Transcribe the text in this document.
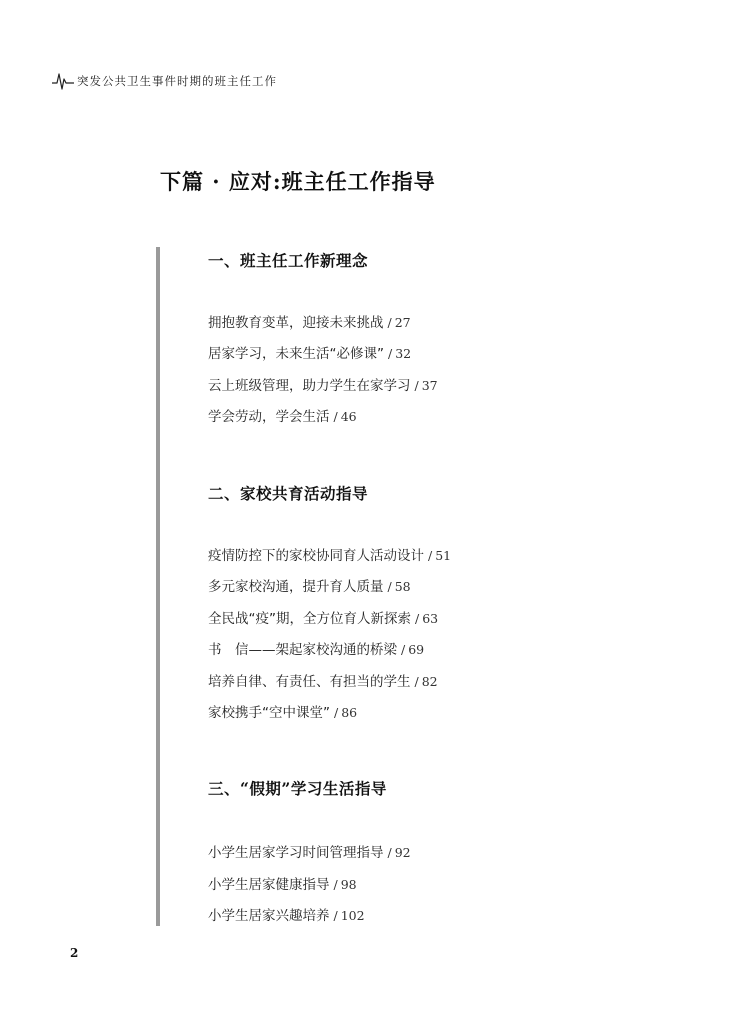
突发公共卫生事件时期的班主任工作
下篇 · 应对:班主任工作指导
一、班主任工作新理念
拥抱教育变革，迎接未来挑战 / 27
居家学习，未来生活“必修课” / 32
云上班级管理，助力学生在家学习 / 37
学会劳动，学会生活 / 46
二、家校共育活动指导
疫情防控下的家校协同育人活动设计 / 51
多元家校沟通，提升育人质量 / 58
全民战“疫”期，全方位育人新探索 / 63
书　信——架起家校沟通的桥梁 / 69
培养自律、有责任、有担当的学生 / 82
家校携手“空中课堂” / 86
三、“假期”学习生活指导
小学生居家学习时间管理指导 / 92
小学生居家健康指导 / 98
小学生居家兴趣培养 / 102
2
